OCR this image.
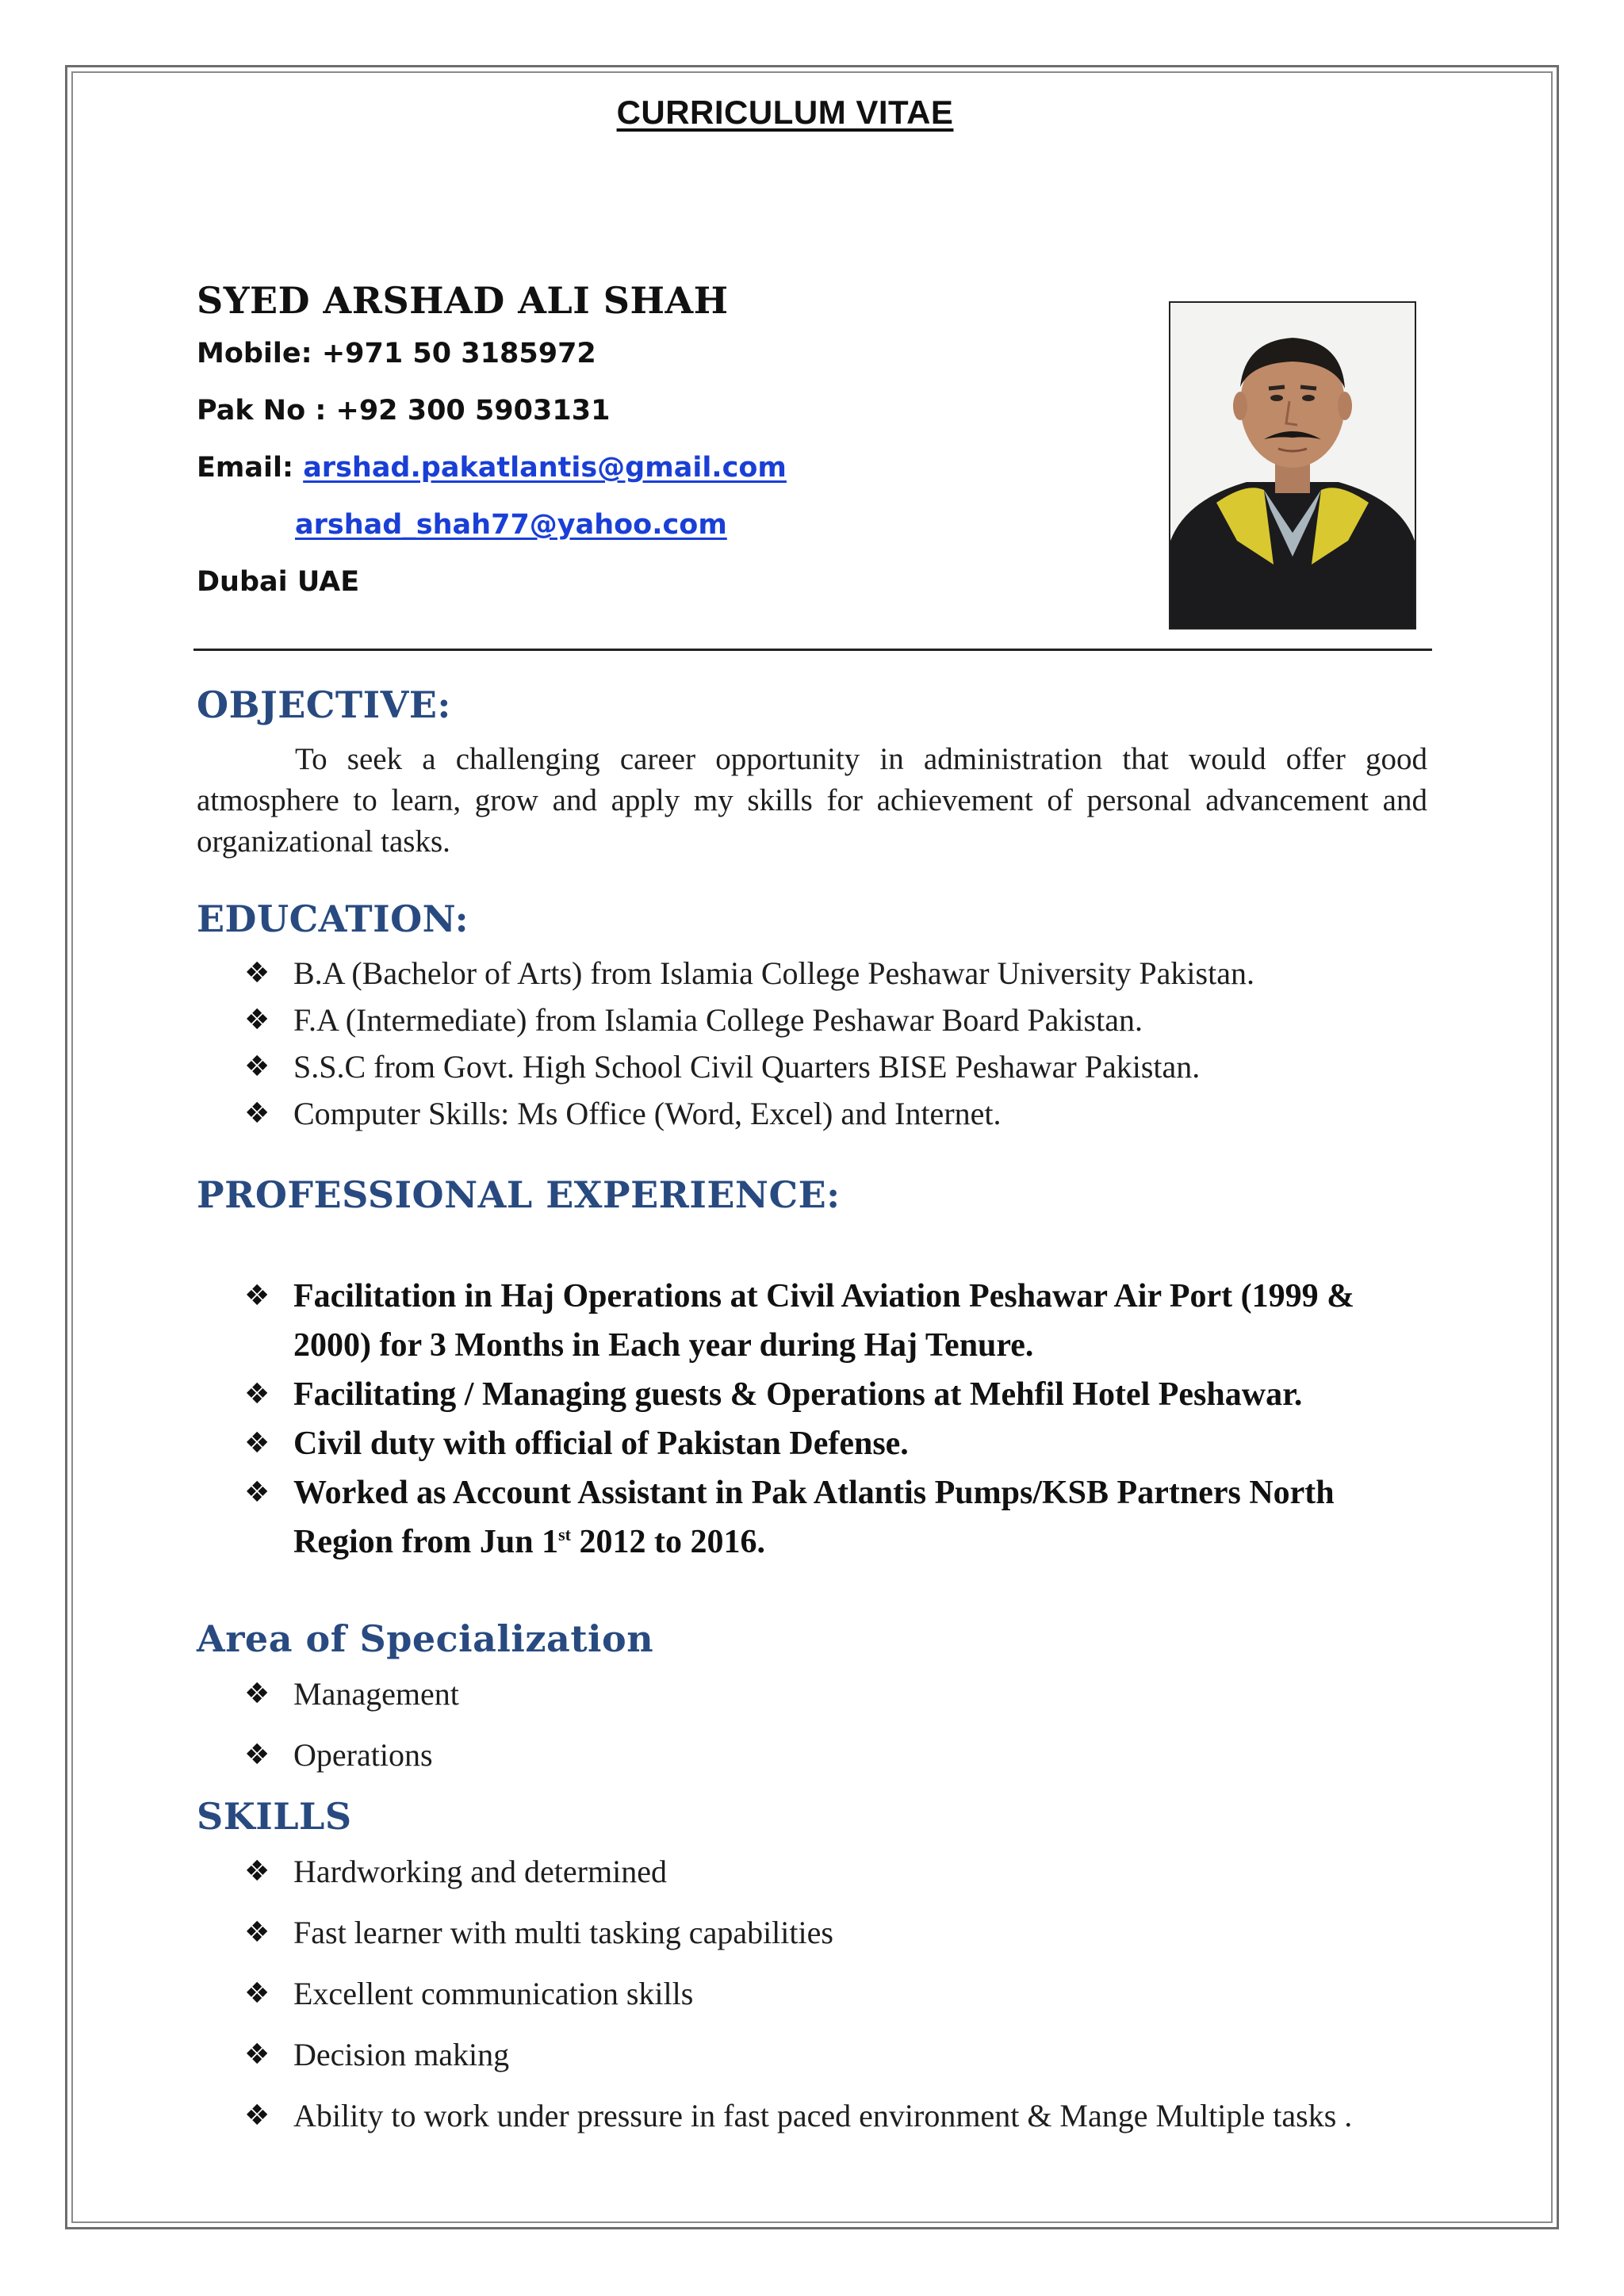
CURRICULUM VITAE
SYED ARSHAD ALI SHAH
Mobile: +971 50 3185972
Pak No : +92 300 5903131
Email: arshad.pakatlantis@gmail.com
arshad_shah77@yahoo.com
Dubai UAE
OBJECTIVE:
To seek a challenging career opportunity in administration that would offer good atmosphere to learn, grow and apply my skills for achievement of personal advancement and organizational tasks.
EDUCATION:
❖ B.A (Bachelor of Arts) from Islamia College Peshawar University Pakistan.
❖ F.A (Intermediate) from Islamia College Peshawar Board Pakistan.
❖ S.S.C from Govt. High School Civil Quarters BISE Peshawar Pakistan.
❖ Computer Skills: Ms Office (Word, Excel) and Internet.
PROFESSIONAL EXPERIENCE:
❖ Facilitation in Haj Operations at Civil Aviation Peshawar Air Port (1999 & 2000) for 3 Months in Each year during Haj Tenure.
❖ Facilitating / Managing guests & Operations at Mehfil Hotel Peshawar.
❖ Civil duty with official of Pakistan Defense.
❖ Worked as Account Assistant in Pak Atlantis Pumps/KSB Partners North Region from Jun 1st 2012 to 2016.
Area of Specialization
❖ Management
❖ Operations
SKILLS
❖ Hardworking and determined
❖ Fast learner with multi tasking capabilities
❖ Excellent communication skills
❖ Decision making
❖ Ability to work under pressure in fast paced environment & Mange Multiple tasks .
